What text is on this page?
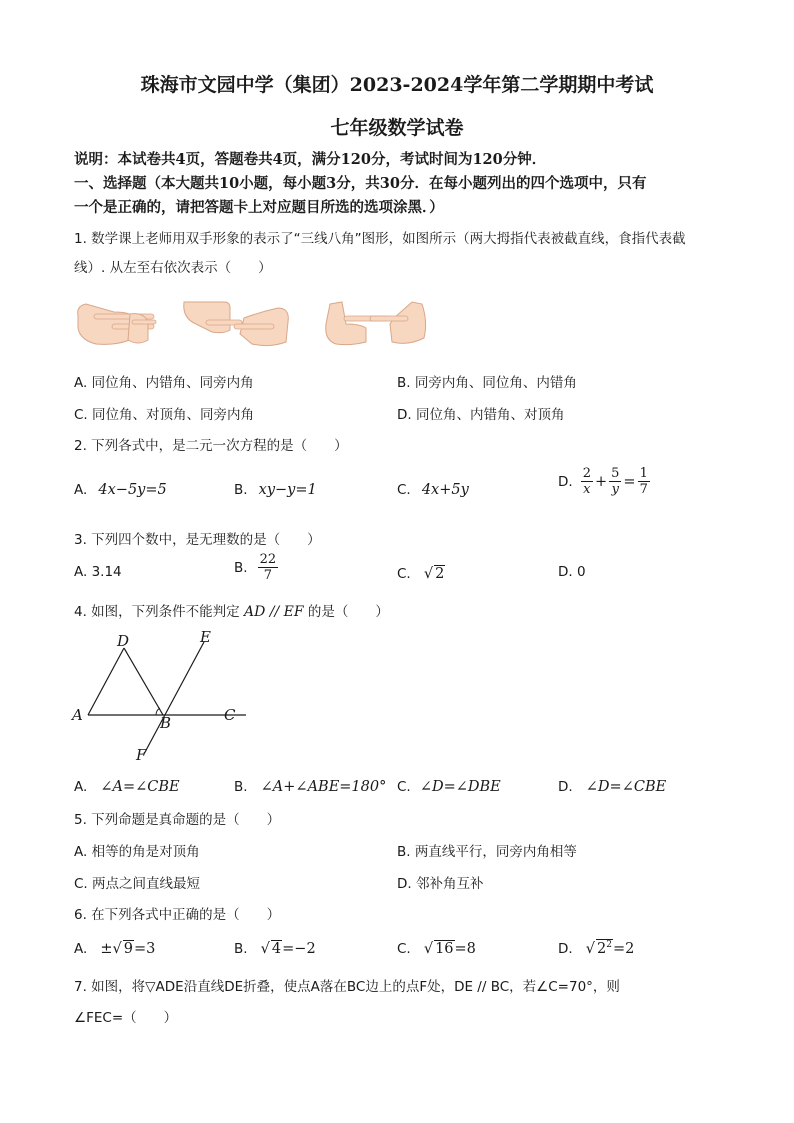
珠海市文园中学（集团）2023-2024学年第二学期期中考试
七年级数学试卷
说明：本试卷共4页，答题卷共4页，满分120分，考试时间为120分钟．
一、选择题（本大题共10小题，每小题3分，共30分．在每小题列出的四个选项中，只有
一个是正确的，请把答题卡上对应题目所选的选项涂黑．）
1. 数学课上老师用双手形象的表示了“三线八角”图形，如图所示（两大拇指代表被截直线，食指代表截
线）. 从左至右依次表示（　　）
A. 同位角、内错角、同旁内角	B. 同旁内角、同位角、内错角
C. 同位角、对顶角、同旁内角	D. 同位角、内错角、对顶角
2. 下列各式中，是二元一次方程的是（　　）
A. 4x−5y=5	B. xy−y=1	C. 4x+5y
D. $\frac{2}{x} + \frac{5}{y} = \frac{1}{7}$
3. 下列四个数中，是无理数的是（　　）
A. 3.14	B. $\frac{22}{7}$	C. √ 2	D. 0
4. 如图，下列条件不能判定 AD // EF 的是（　　）
D	E
A	B	C
F
A. ∠A=∠CBE	B. ∠A+∠ABE=180° C. ∠D=∠DBE	D. ∠D=∠CBE
5. 下列命题是真命题的是（　　）
A. 相等的角是对顶角	B. 两直线平行，同旁内角相等
C. 两点之间直线最短	D. 邻补角互补
6. 在下列各式中正确的是（　　）
A. ±√ 9=3	B. √ 4=−2	C. √ 16=8	D. √ $2^2=2$
7. 如图，将▽ADE沿直线DE折叠，使点A落在BC边上的点F处，DE // BC，若∠C=70°，则
∠FEC=（　　）
